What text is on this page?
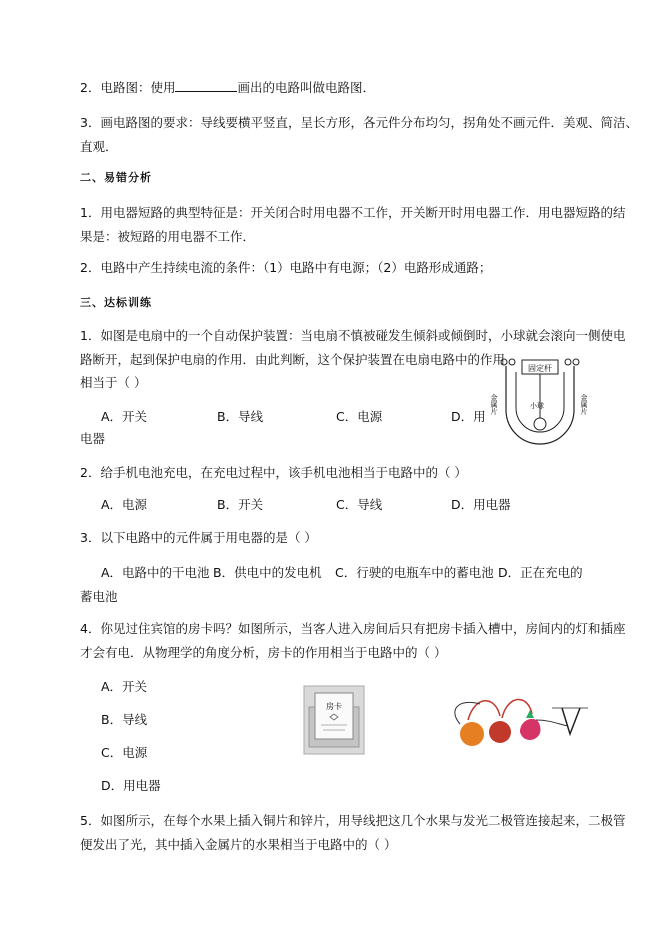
2．电路图：使用	画出的电路叫做电路图．
3．画电路图的要求：导线要横平竖直，呈长方形，各元件分布均匀，拐角处不画元件．美观、简洁、
直观．
二、易错分析
1．用电器短路的典型特征是：开关闭合时用电器不工作，开关断开时用电器工作．用电器短路的结
果是：被短路的用电器不工作．
2．电路中产生持续电流的条件：（1）电路中有电源；（2）电路形成通路；
三、达标训练
1．如图是电扇中的一个自动保护装置：当电扇不慎被碰发生倾斜或倾倒时，小球就会滚向一侧使电
路断开，起到保护电扇的作用．由此判断，这个保护装置在电扇电路中的作用
相当于（ ）
A．开关	B．导线	C．电源	D．用
电器
固定杆
小球
金属片	金属片
2．给手机电池充电，在充电过程中，该手机电池相当于电路中的（ ）
A．电源	B．开关	C．导线	D．用电器
3．以下电路中的元件属于用电器的是（ ）
A．电路中的干电池 B．供电中的发电机 C．行驶的电瓶车中的蓄电池 D．正在充电的
蓄电池
4．你见过住宾馆的房卡吗？如图所示，当客人进入房间后只有把房卡插入槽中，房间内的灯和插座
才会有电．从物理学的角度分析，房卡的作用相当于电路中的（ ）
A．开关
B．导线
C．电源
D．用电器
房卡
5．如图所示，在每个水果上插入铜片和锌片，用导线把这几个水果与发光二极管连接起来，二极管
便发出了光，其中插入金属片的水果相当于电路中的（ ）
